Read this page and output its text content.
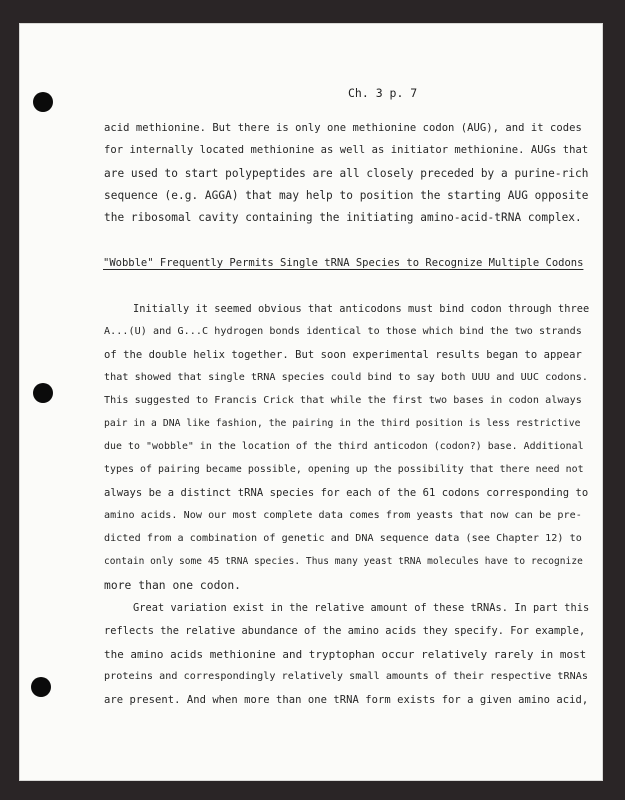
Ch. 3 p. 7
acid methionine. But there is only one methionine codon (AUG), and it codes
for internally located methionine as well as initiator methionine. AUGs that
are used to start polypeptides are all closely preceded by a purine-rich
sequence (e.g. AGGA) that may help to position the starting AUG opposite
the ribosomal cavity containing the initiating amino-acid-tRNA complex.
"Wobble" Frequently Permits Single tRNA Species to Recognize Multiple Codons
Initially it seemed obvious that anticodons must bind codon through three
A...(U) and G...C hydrogen bonds identical to those which bind the two strands
of the double helix together. But soon experimental results began to appear
that showed that single tRNA species could bind to say both UUU and UUC codons.
This suggested to Francis Crick that while the first two bases in codon always
pair in a DNA like fashion, the pairing in the third position is less restrictive
due to "wobble" in the location of the third anticodon (codon?) base. Additional
types of pairing became possible, opening up the possibility that there need not
always be a distinct tRNA species for each of the 61 codons corresponding to
amino acids. Now our most complete data comes from yeasts that now can be pre-
dicted from a combination of genetic and DNA sequence data (see Chapter 12) to
contain only some 45 tRNA species. Thus many yeast tRNA molecules have to recognize
more than one codon.
Great variation exist in the relative amount of these tRNAs. In part this
reflects the relative abundance of the amino acids they specify. For example,
the amino acids methionine and tryptophan occur relatively rarely in most
proteins and correspondingly relatively small amounts of their respective tRNAs
are present. And when more than one tRNA form exists for a given amino acid,
